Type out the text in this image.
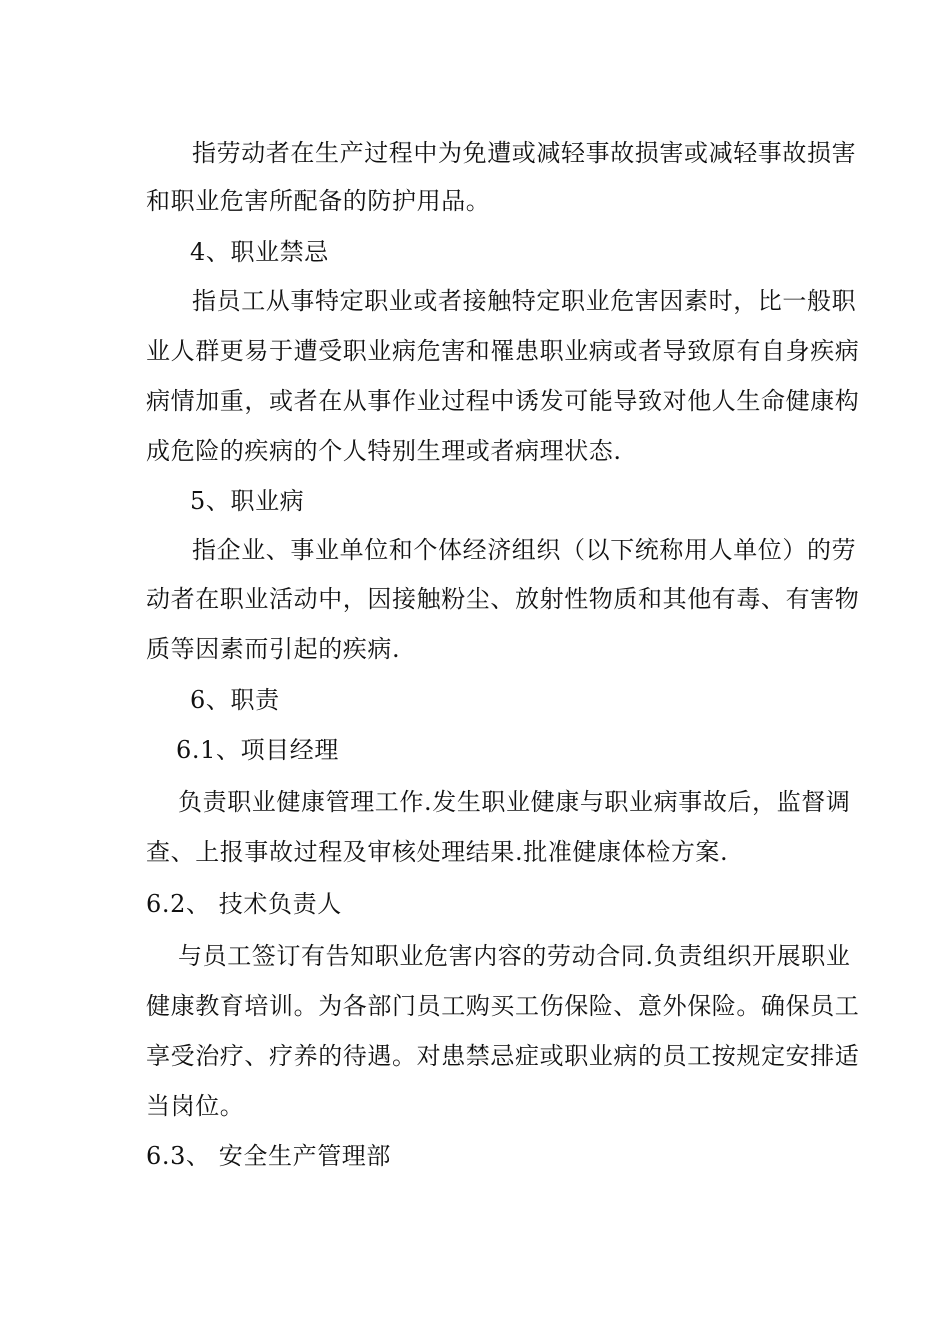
指劳动者在生产过程中为免遭或减轻事故损害或减轻事故损害
和职业危害所配备的防护用品。
4、职业禁忌
指员工从事特定职业或者接触特定职业危害因素时，比一般职
业人群更易于遭受职业病危害和罹患职业病或者导致原有自身疾病
病情加重，或者在从事作业过程中诱发可能导致对他人生命健康构
成危险的疾病的个人特别生理或者病理状态.
5、职业病
指企业、事业单位和个体经济组织（以下统称用人单位）的劳
动者在职业活动中，因接触粉尘、放射性物质和其他有毒、有害物
质等因素而引起的疾病.
6、职责
6.1、项目经理
负责职业健康管理工作.发生职业健康与职业病事故后，监督调
查、上报事故过程及审核处理结果.批准健康体检方案.
6.2、 技术负责人
与员工签订有告知职业危害内容的劳动合同.负责组织开展职业
健康教育培训。为各部门员工购买工伤保险、意外保险。确保员工
享受治疗、疗养的待遇。对患禁忌症或职业病的员工按规定安排适
当岗位。
6.3、 安全生产管理部
